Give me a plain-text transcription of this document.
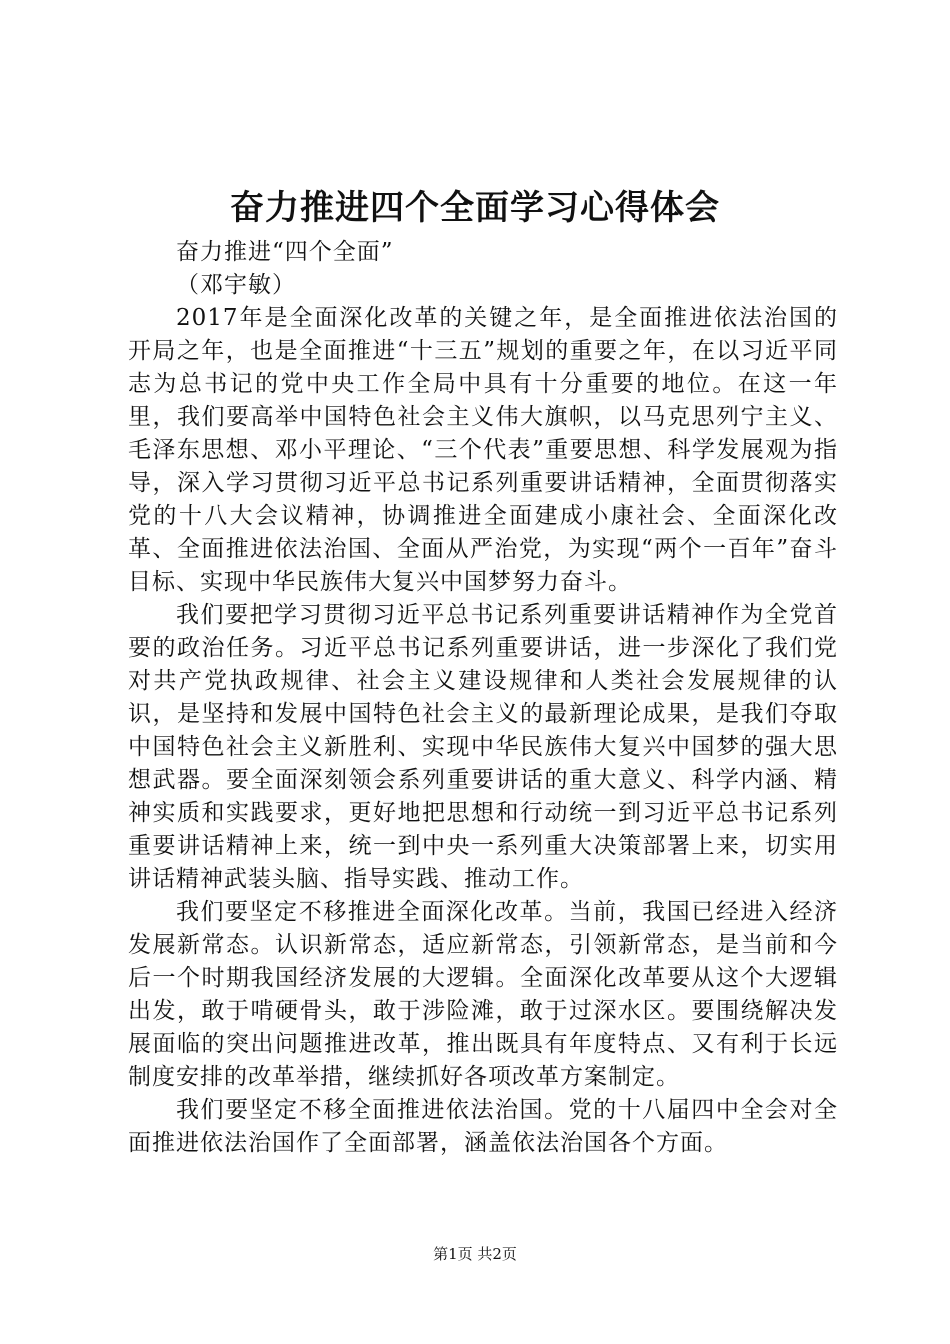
奋力推进四个全面学习心得体会

奋力推进“四个全面”

（邓宇敏）

2017年是全面深化改革的关键之年，是全面推进依法治国的开局之年，也是全面推进“十三五”规划的重要之年，在以习近平同志为总书记的党中央工作全局中具有十分重要的地位。在这一年里，我们要高举中国特色社会主义伟大旗帜，以马克思列宁主义、毛泽东思想、邓小平理论、“三个代表”重要思想、科学发展观为指导，深入学习贯彻习近平总书记系列重要讲话精神，全面贯彻落实党的十八大会议精神，协调推进全面建成小康社会、全面深化改革、全面推进依法治国、全面从严治党，为实现“两个一百年”奋斗目标、实现中华民族伟大复兴中国梦努力奋斗。

我们要把学习贯彻习近平总书记系列重要讲话精神作为全党首要的政治任务。习近平总书记系列重要讲话，进一步深化了我们党对共产党执政规律、社会主义建设规律和人类社会发展规律的认识，是坚持和发展中国特色社会主义的最新理论成果，是我们夺取中国特色社会主义新胜利、实现中华民族伟大复兴中国梦的强大思想武器。要全面深刻领会系列重要讲话的重大意义、科学内涵、精神实质和实践要求，更好地把思想和行动统一到习近平总书记系列重要讲话精神上来，统一到中央一系列重大决策部署上来，切实用讲话精神武装头脑、指导实践、推动工作。

我们要坚定不移推进全面深化改革。当前，我国已经进入经济发展新常态。认识新常态，适应新常态，引领新常态，是当前和今后一个时期我国经济发展的大逻辑。全面深化改革要从这个大逻辑出发，敢于啃硬骨头，敢于涉险滩，敢于过深水区。要围绕解决发展面临的突出问题推进改革，推出既具有年度特点、又有利于长远制度安排的改革举措，继续抓好各项改革方案制定。

我们要坚定不移全面推进依法治国。党的十八届四中全会对全面推进依法治国作了全面部署，涵盖依法治国各个方面。

第1页 共2页
